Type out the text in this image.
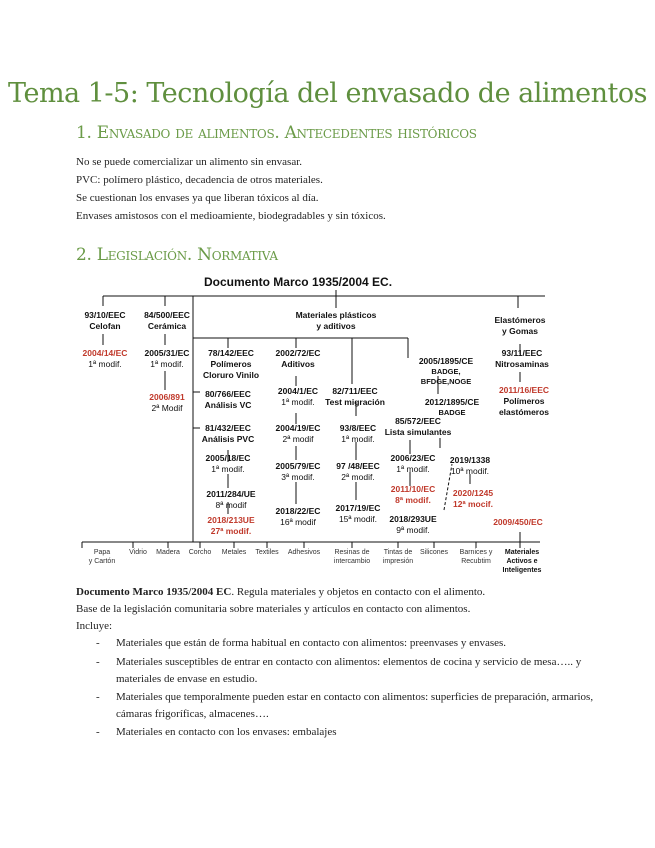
Tema 1-5: Tecnología del envasado de alimentos
1. Envasado de alimentos. Antecedentes históricos
No se puede comercializar un alimento sin envasar.
PVC: polímero plástico, decadencia de otros materiales.
Se cuestionan los envases ya que liberan tóxicos al día.
Envases amistosos con el medioamiente, biodegradables y sin tóxicos.
2. Legislación. Normativa
Documento Marco 1935/2004 EC.
93/10/EEC
Celofan
2004/14/EC
1ª modif.
84/500/EEC
Cerámica
2005/31/EC
1ª modif.
2006/891
2ª Modif
Materiales plásticos
y aditivos
78/142/EEC
Polímeros
Cloruro Vinilo
2002/72/EC
Aditivos
80/766/EEC
Análisis VC
2004/1/EC
1ª modif.
82/711/EEC
Test migración
2005/1895/CE
BADGE,
BFDGE,NOGE
2012/1895/CE
BADGE
81/432/EEC
Análisis PVC
2004/19/EC
2ª modif
93/8/EEC
1ª modif.
85/572/EEC
Lista simulantes
2005/18/EC
1ª modif.	2005/79/EC
3ª modif.
97 /48/EEC
2ª modif.
2006/23/EC
1ª modif.
2019/1338
10ª modif.
2011/284/UE
8ª modif
2018/22/EC
16ª modif
2017/19/EC
15ª modif.
2011/10/EC
8ª modif.
2020/1245
12ª mocif.
2018/213UE
27ª modif.
2018/293UE
9ª modif.
Elastómeros
y Gomas
93/11/EEC
Nitrosaminas
2011/16/EEC
Polímeros
elastómeros
2009/450/EC
Papa
y Cartón
Vidrio Madera Corcho Metales Textiles Adhesivos Resinas de
intercambio
Tintas de
impresión
Silicones Barnices y
Recubtim
Materiales
Activos e
Inteligentes
Documento Marco 1935/2004 EC. Regula materiales y objetos en contacto con el alimento.
Base de la legislación comunitaria sobre materiales y artículos en contacto con alimentos.
Incluye:
- Materiales que están de forma habitual en contacto con alimentos: preenvases y envases.
- Materiales susceptibles de entrar en contacto con alimentos: elementos de cocina y servicio de mesa….. y materiales de envase en estudio.
- Materiales que temporalmente pueden estar en contacto con alimentos: superficies de preparación, armarios, cámaras frigoríficas, almacenes….
- Materiales en contacto con los envases: embalajes
